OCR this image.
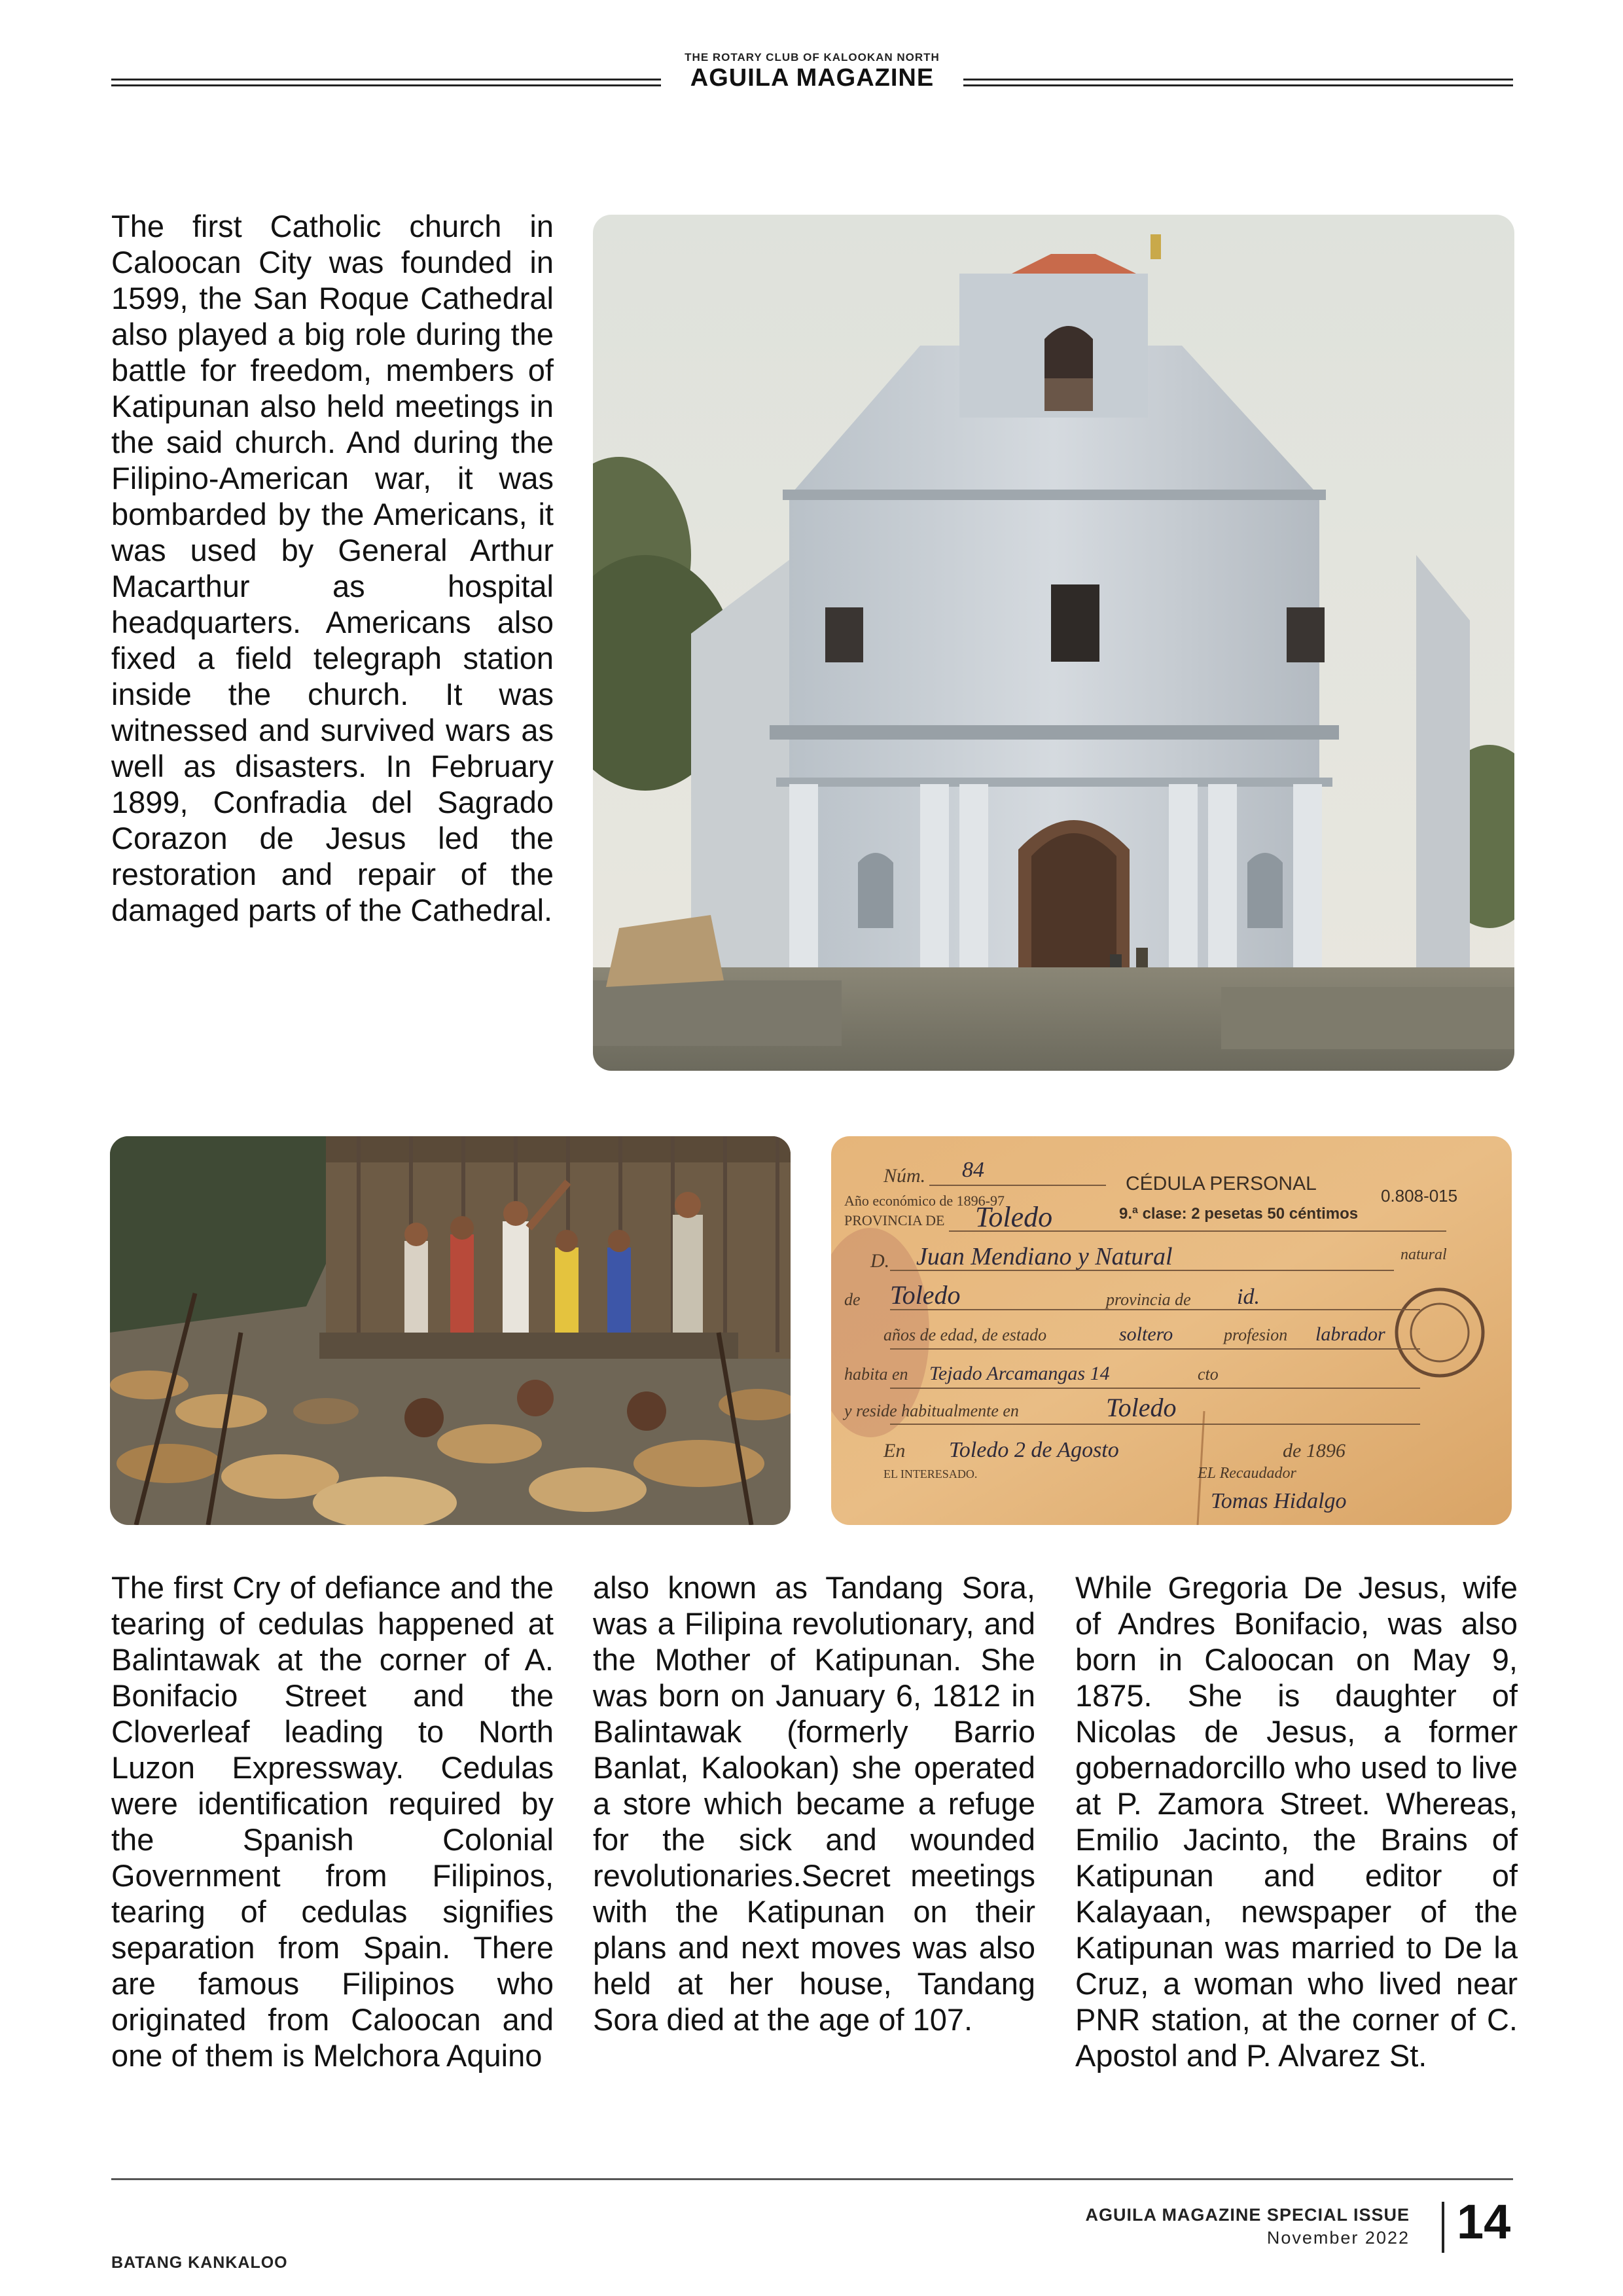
THE ROTARY CLUB OF KALOOKAN NORTH
AGUILA MAGAZINE

The first Catholic church in Caloocan City was founded in 1599, the San Roque Cathedral also played a big role during the battle for freedom, members of Katipunan also held meetings in the said church. And during the Filipino-American war, it was bombarded by the Americans, it was used by General Arthur Macarthur as hospital headquarters. Americans also fixed a field telegraph station inside the church. It was witnessed and survived wars as well as disasters. In February 1899, Confradia del Sagrado Corazon de Jesus led the restoration and repair of the damaged parts of the Cathedral.

Núm. 84
Año económico de 1896-97
PROVINCIA DE Toledo
D. Juan Mendiano y Natural	natural
de Toledo	provincia de id.
años de edad, de estado	soltero	profesion labrador
habita en Tejado Arcamangas 14	cto
y reside habitualmente en	Toledo
En Toledo 2 de Agosto	de 1896
EL INTERESADO.	EL Recaudador
Tomas Hidalgo
CÉDULA PERSONAL
0.808-015
9.ª clase: 2 pesetas 50 céntimos

The first Cry of defiance and the tearing of cedulas happened at Balintawak at the corner of A. Bonifacio Street and the Cloverleaf leading to North Luzon Expressway. Cedulas were identification required by the Spanish Colonial Government from Filipinos, tearing of cedulas signifies separation from Spain. There are famous Filipinos who originated from Caloocan and one of them is Melchora Aquino

also known as Tandang Sora, was a Filipina revolutionary, and the Mother of Katipunan. She was born on January 6, 1812 in Balintawak (formerly Barrio Banlat, Kalookan) she operated a store which became a refuge for the sick and wounded revolutionaries.Secret meetings with the Katipunan on their plans and next moves was also held at her house, Tandang Sora died at the age of 107.

While Gregoria De Jesus, wife of Andres Bonifacio, was also born in Caloocan on May 9, 1875. She is daughter of Nicolas de Jesus, a former gobernadorcillo who used to live at P. Zamora Street. Whereas, Emilio Jacinto, the Brains of Katipunan and editor of Kalayaan, newspaper of the Katipunan was married to De la Cruz, a woman who lived near PNR station, at the corner of C. Apostol and P. Alvarez St.

BATANG KANKALOO
AGUILA MAGAZINE SPECIAL ISSUE
November 2022 14
